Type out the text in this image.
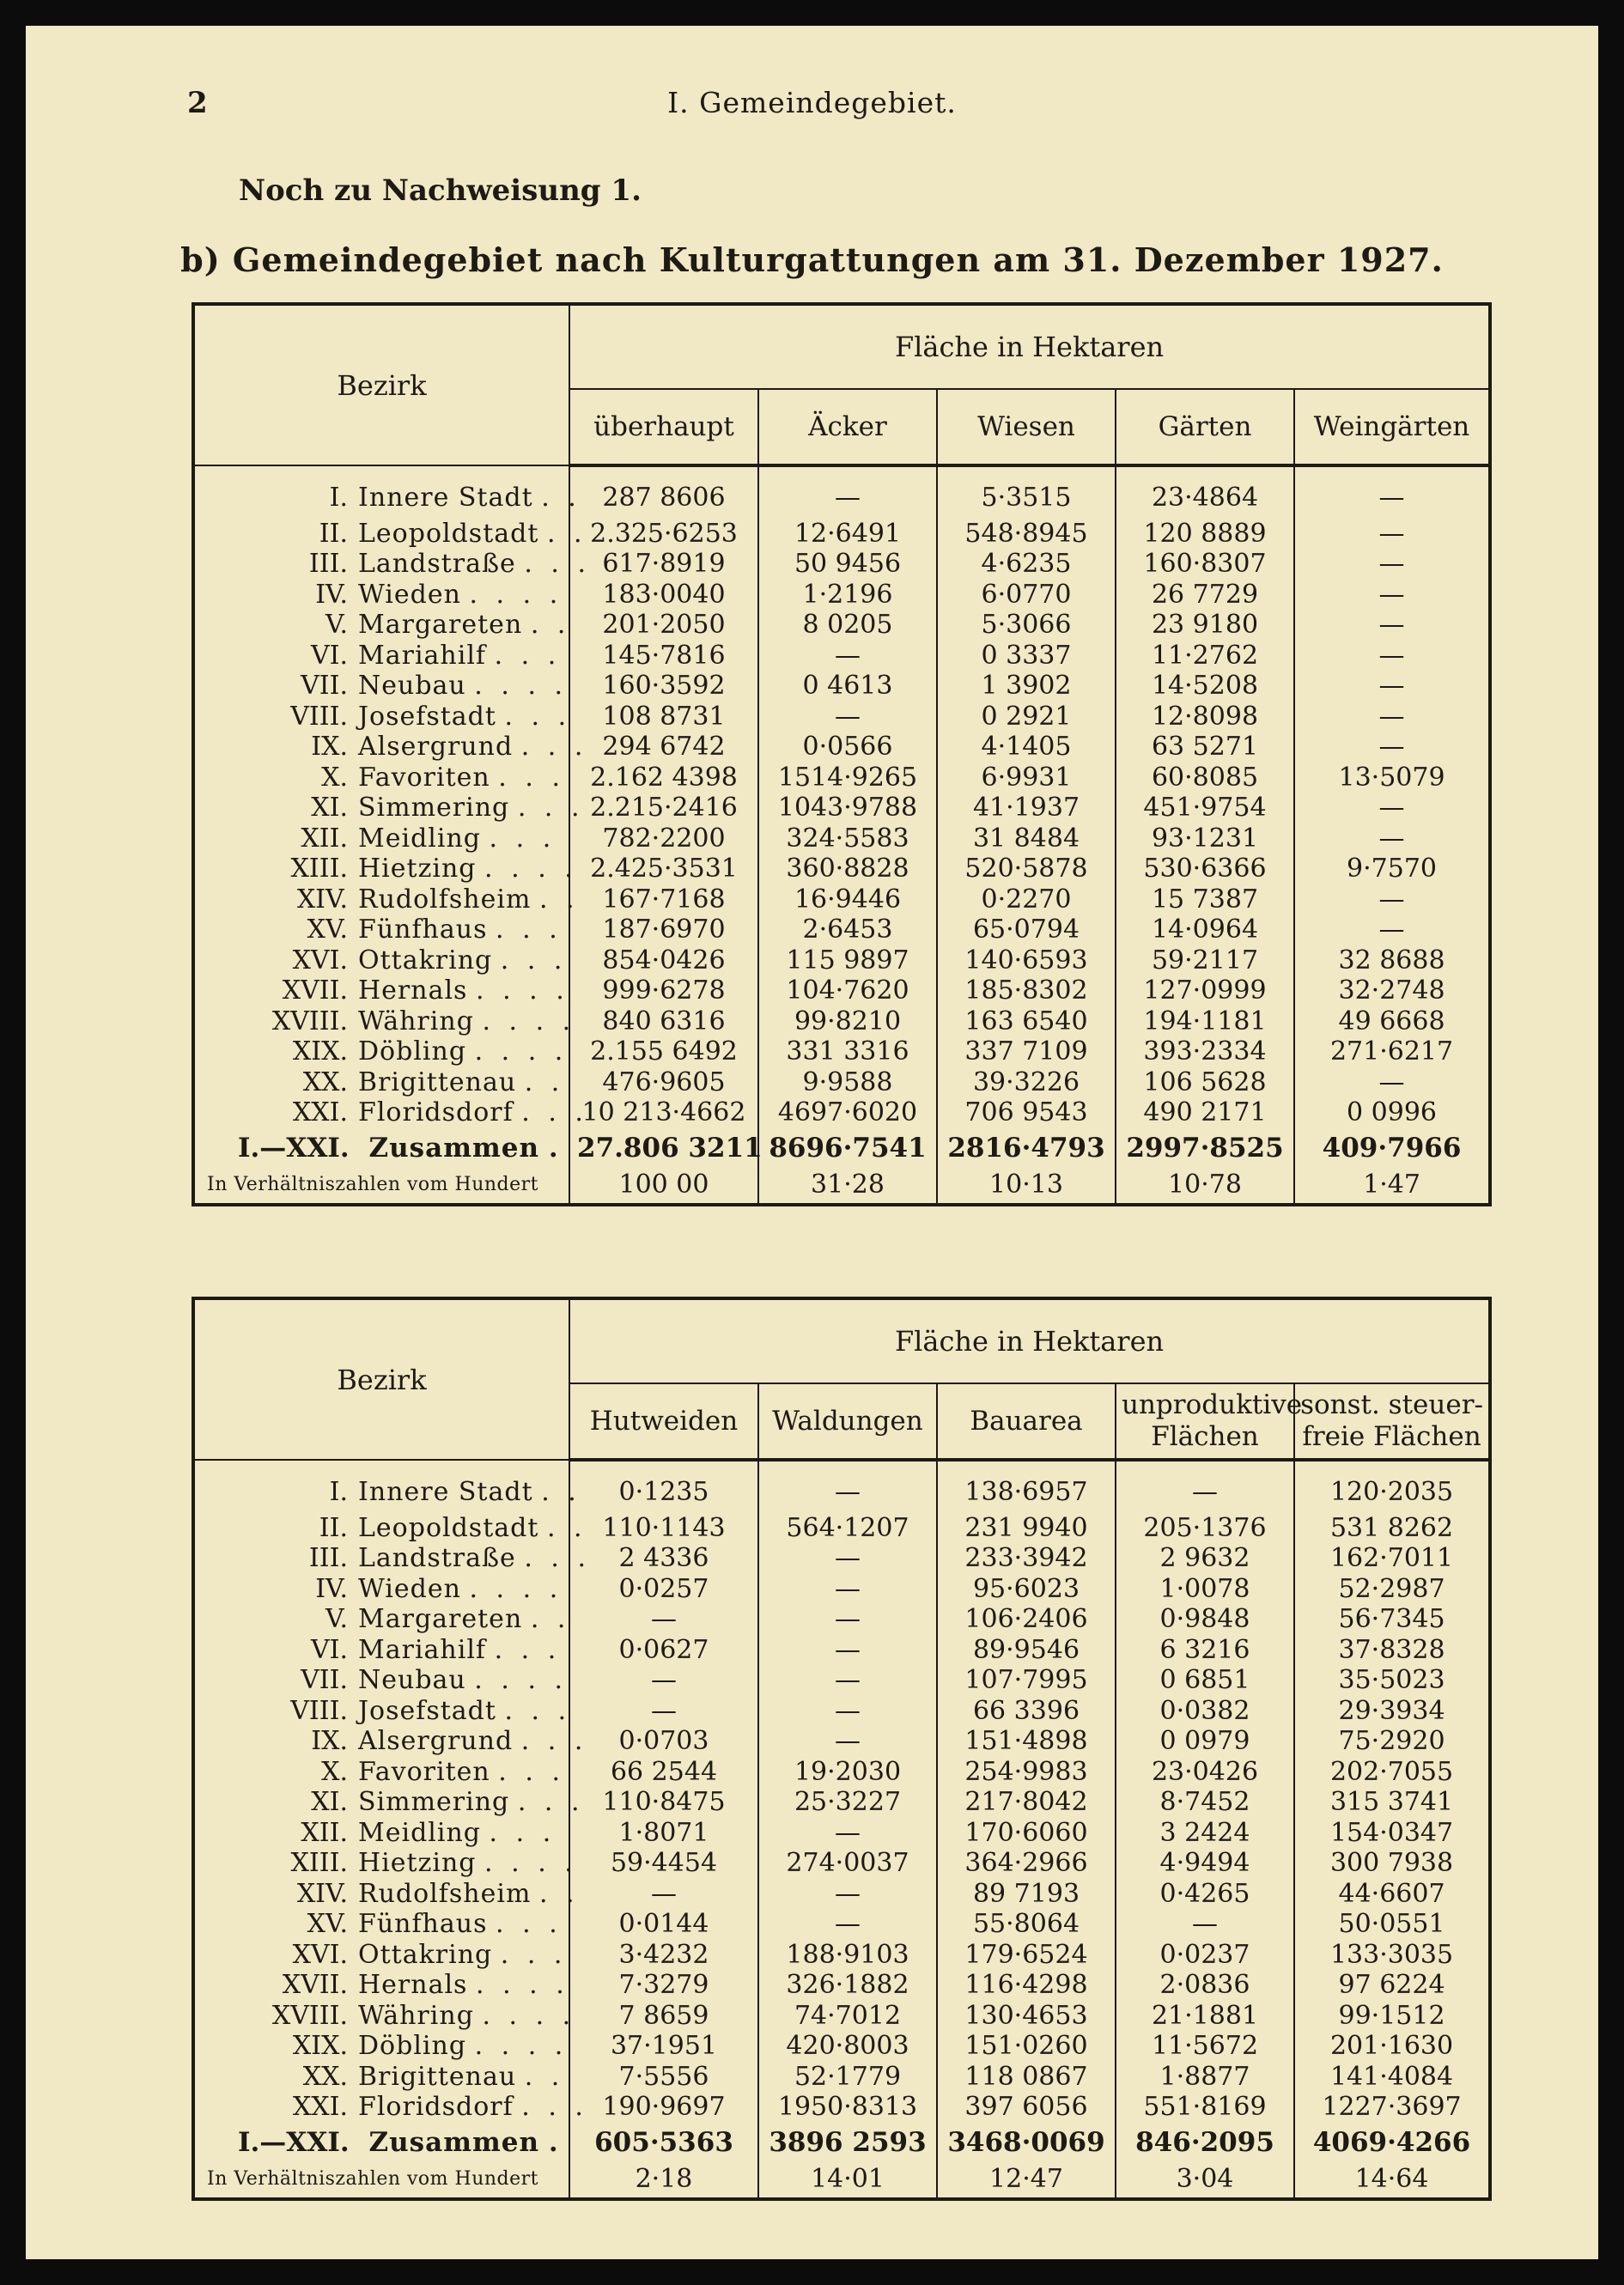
2	I. Gemeindegebiet.
Noch zu Nachweisung 1.
b) Gemeindegebiet nach Kulturgattungen am 31. Dezember 1927.
Bezirk	Fläche in Hektaren				
	überhaupt	Äcker	Wiesen	Gärten	Weingärten
I. Innere Stadt . .	287 8606	—	5·3515	23·4864	—
II. Leopoldstadt . .	2.325·6253	12·6491	548·8945	120 8889	—
III. Landstraße . . .	617·8919	50 9456	4·6235	160·8307	—
IV. Wieden . . . .	183·0040	1·2196	6·0770	26 7729	—
V. Margareten . .	201·2050	8 0205	5·3066	23 9180	—
VI. Mariahilf . . .	145·7816	—	0 3337	11·2762	—
VII. Neubau . . . .	160·3592	0 4613	1 3902	14·5208	—
VIII. Josefstadt . . .	108 8731	—	0 2921	12·8098	—
IX. Alsergrund . . .	294 6742	0·0566	4·1405	63 5271	—
X. Favoriten . . .	2.162 4398	1514·9265	6·9931	60·8085	13·5079
XI. Simmering . . .	2.215·2416	1043·9788	41·1937	451·9754	—
XII. Meidling . . .	782·2200	324·5583	31 8484	93·1231	—
XIII. Hietzing . . . .	2.425·3531	360·8828	520·5878	530·6366	9·7570
XIV. Rudolfsheim . .	167·7168	16·9446	0·2270	15 7387	—
XV. Fünfhaus . . .	187·6970	2·6453	65·0794	14·0964	—
XVI. Ottakring . . .	854·0426	115 9897	140·6593	59·2117	32 8688
XVII. Hernals . . . .	999·6278	104·7620	185·8302	127·0999	32·2748
XVIII. Währing . . . .	840 6316	99·8210	163 6540	194·1181	49 6668
XIX. Döbling . . . .	2.155 6492	331 3316	337 7109	393·2334	271·6217
XX. Brigittenau . .	476·9605	9·9588	39·3226	106 5628	—
XXI. Floridsdorf . . .	10 213·4662	4697·6020	706 9543	490 2171	0 0996
I.—XXI. Zusammen .	27.806 3211	8696·7541	2816·4793	2997·8525	409·7966
In Verhältniszahlen vom Hundert	100 00	31·28	10·13	10·78	1·47
Bezirk	Fläche in Hektaren				
	Hutweiden	Waldungen	Bauarea	unproduktive Flächen	sonst. steuer-freie Flächen
I. Innere Stadt . .	0·1235	—	138·6957	—	120·2035
II. Leopoldstadt . .	110·1143	564·1207	231 9940	205·1376	531 8262
III. Landstraße . . .	2 4336	—	233·3942	2 9632	162·7011
IV. Wieden . . . .	0·0257	—	95·6023	1·0078	52·2987
V. Margareten . .	—	—	106·2406	0·9848	56·7345
VI. Mariahilf . . .	0·0627	—	89·9546	6 3216	37·8328
VII. Neubau . . . .	—	—	107·7995	0 6851	35·5023
VIII. Josefstadt . . .	—	—	66 3396	0·0382	29·3934
IX. Alsergrund . . .	0·0703	—	151·4898	0 0979	75·2920
X. Favoriten . . .	66 2544	19·2030	254·9983	23·0426	202·7055
XI. Simmering . . .	110·8475	25·3227	217·8042	8·7452	315 3741
XII. Meidling . . .	1·8071	—	170·6060	3 2424	154·0347
XIII. Hietzing . . . .	59·4454	274·0037	364·2966	4·9494	300 7938
XIV. Rudolfsheim . .	—	—	89 7193	0·4265	44·6607
XV. Fünfhaus . . .	0·0144	—	55·8064	—	50·0551
XVI. Ottakring . . .	3·4232	188·9103	179·6524	0·0237	133·3035
XVII. Hernals . . . .	7·3279	326·1882	116·4298	2·0836	97 6224
XVIII. Währing . . . .	7 8659	74·7012	130·4653	21·1881	99·1512
XIX. Döbling . . . .	37·1951	420·8003	151·0260	11·5672	201·1630
XX. Brigittenau . .	7·5556	52·1779	118 0867	1·8877	141·4084
XXI. Floridsdorf . . .	190·9697	1950·8313	397 6056	551·8169	1227·3697
I.—XXI. Zusammen .	605·5363	3896 2593	3468·0069	846·2095	4069·4266
In Verhältniszahlen vom Hundert	2·18	14·01	12·47	3·04	14·64
